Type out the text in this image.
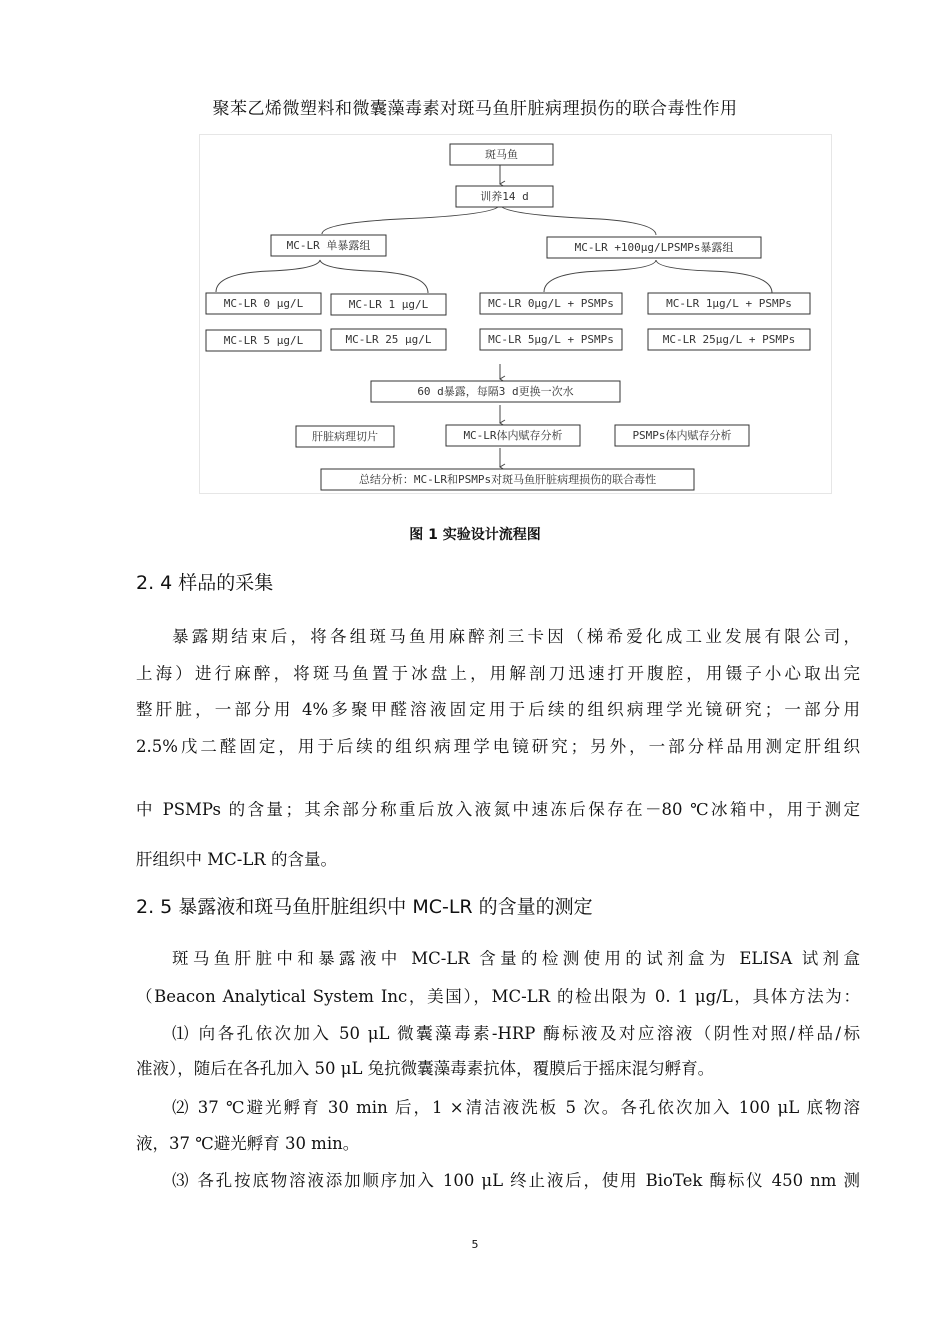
聚苯乙烯微塑料和微囊藻毒素对斑马鱼肝脏病理损伤的联合毒性作用
斑马鱼
训养14 d
MC-LR 单暴露组	MC-LR +100μg/LPSMPs暴露组
MC-LR 0 μg/L	MC-LR 1 μg/L
MC-LR 5 μg/L	MC-LR 25 μg/L
MC-LR 0μg/L + PSMPs	MC-LR 1μg/L + PSMPs
MC-LR 5μg/L + PSMPs	MC-LR 25μg/L + PSMPs
60 d暴露，每隔3 d更换一次水
肝脏病理切片	MC-LR体内赋存分析	PSMPs体内赋存分析
总结分析：MC-LR和PSMPs对斑马鱼肝脏病理损伤的联合毒性
图 1 实验设计流程图
2. 4 样品的采集
暴露期结束后，将各组斑马鱼用麻醉剂三卡因（梯希爱化成工业发展有限公司，
上海）进行麻醉，将斑马鱼置于冰盘上，用解剖刀迅速打开腹腔，用镊子小心取出完
整肝脏，一部分用 4%多聚甲醛溶液固定用于后续的组织病理学光镜研究；一部分用
2.5%戊二醛固定，用于后续的组织病理学电镜研究；另外，一部分样品用测定肝组织
中 PSMPs 的含量；其余部分称重后放入液氮中速冻后保存在－80 ℃冰箱中，用于测定
肝组织中 MC-LR 的含量。
2. 5 暴露液和斑马鱼肝脏组织中 MC-LR 的含量的测定
斑马鱼肝脏中和暴露液中 MC-LR 含量的检测使用的试剂盒为 ELISA 试剂盒
（Beacon Analytical System Inc，美国），MC-LR 的检出限为 0. 1 μg/L，具体方法为：
⑴ 向各孔依次加入 50 μL 微囊藻毒素-HRP 酶标液及对应溶液（阴性对照/样品/标
准液），随后在各孔加入 50 μL 兔抗微囊藻毒素抗体，覆膜后于摇床混匀孵育。
⑵ 37 ℃避光孵育 30 min 后，1 ×清洁液洗板 5 次。各孔依次加入 100 μL 底物溶
液，37 ℃避光孵育 30 min。
⑶ 各孔按底物溶液添加顺序加入 100 μL 终止液后，使用 BioTek 酶标仪 450 nm 测
5
